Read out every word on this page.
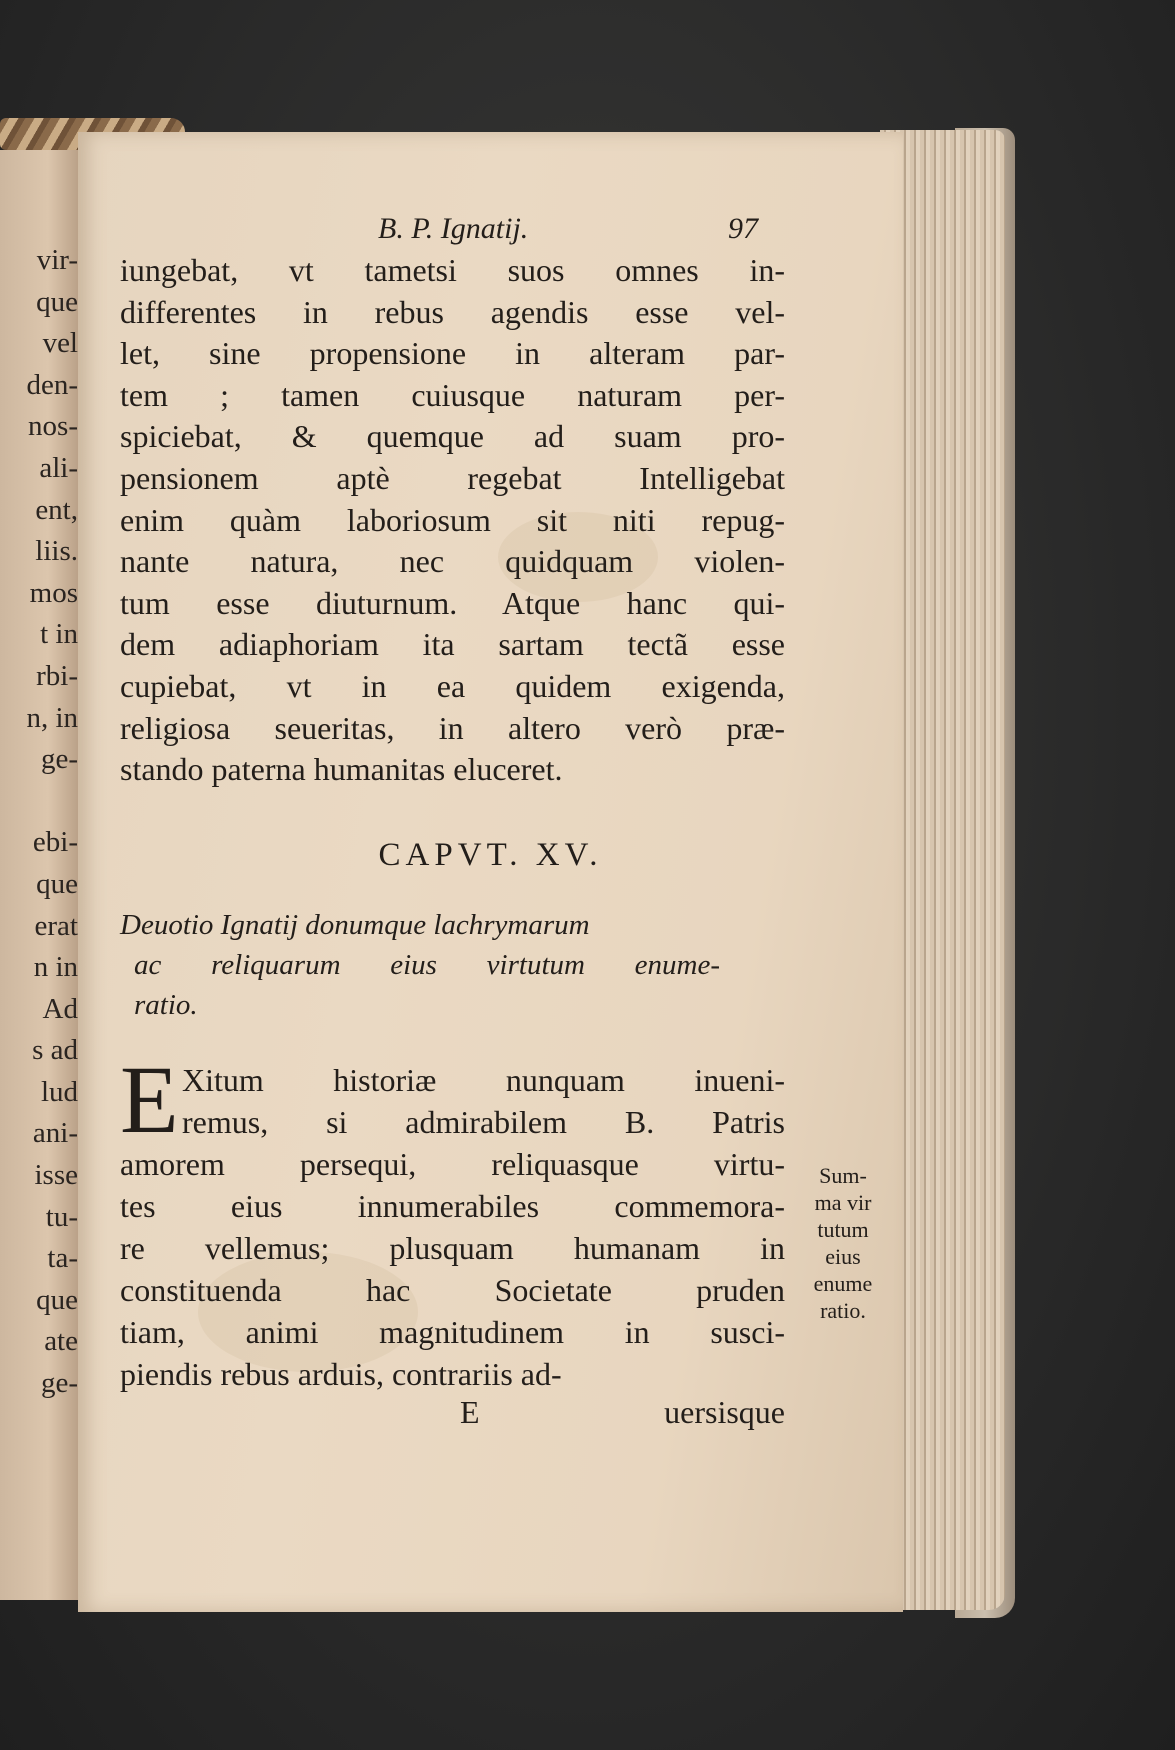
vir-
que
vel
den-
nos-
ali-
ent,
liis.
mos
t in
rbi-
n, in
ge-
ebi-
que
erat
n in
Ad
s ad
lud
ani-
isse
tu-
ta-
que
ate
ge-
B. P. Ignatij.	97
iungebat, vt tametsi suos omnes in-
differentes in rebus agendis esse vel-
let, sine propensione in alteram par-
tem ; tamen cuiusque naturam per-
spiciebat, & quemque ad suam pro-
pensionem aptè regebat Intelligebat
enim quàm laboriosum sit niti repug-
nante natura, nec quidquam violen-
tum esse diuturnum. Atque hanc qui-
dem adiaphoriam ita sartam tectã esse
cupiebat, vt in ea quidem exigenda,
religiosa seueritas, in altero verò præ-
stando paterna humanitas eluceret.
CAPVT. XV.
Deuotio Ignatij donumque lachrymarum
ac reliquarum eius virtutum enume-
ratio.
E Xitum historiæ nunquam inueni-
remus, si admirabilem B. Patris
amorem persequi, reliquasque virtu-
tes eius innumerabiles commemora-
re vellemus; plusquam humanam in
constituenda hac Societate pruden
tiam, animi magnitudinem in susci-
piendis rebus arduis, contrariis ad-
E	uersisque
Sum-
ma vir
tutum
eius
enume
ratio.
